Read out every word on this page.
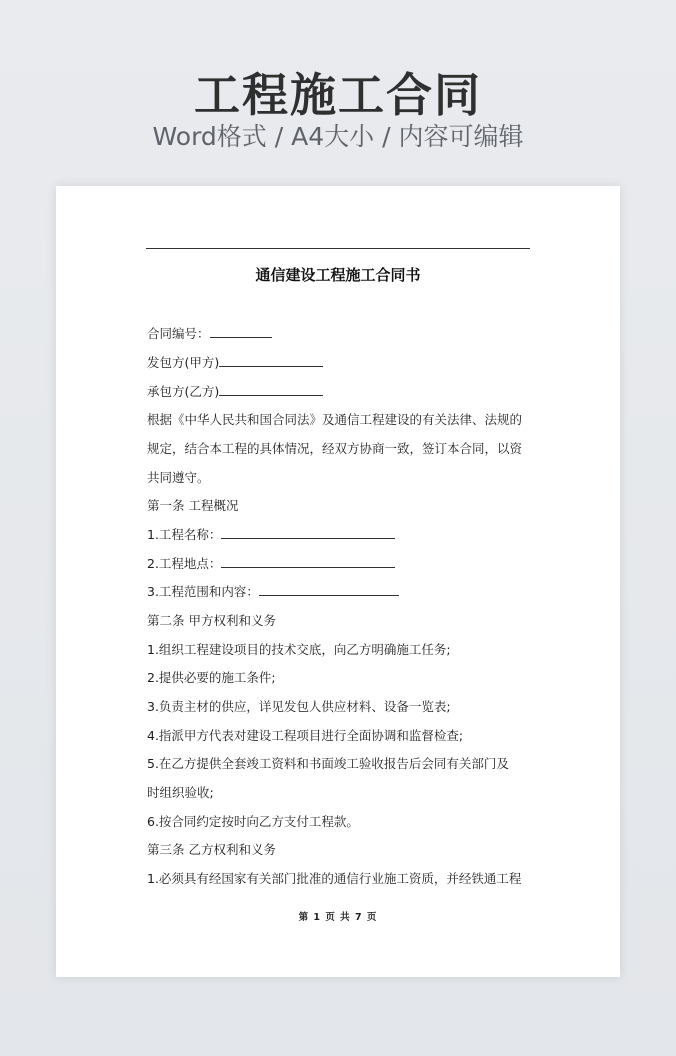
工程施工合同
Word格式 / A4大小 / 内容可编辑
通信建设工程施工合同书
合同编号：
发包方(甲方)
承包方(乙方)
根据《中华人民共和国合同法》及通信工程建设的有关法律、法规的
规定，结合本工程的具体情况，经双方协商一致，签订本合同，以资
共同遵守。
第一条 工程概况
1.工程名称：
2.工程地点：
3.工程范围和内容：
第二条 甲方权利和义务
1.组织工程建设项目的技术交底，向乙方明确施工任务;
2.提供必要的施工条件;
3.负责主材的供应，详见发包人供应材料、设备一览表;
4.指派甲方代表对建设工程项目进行全面协调和监督检查;
5.在乙方提供全套竣工资料和书面竣工验收报告后会同有关部门及
时组织验收;
6.按合同约定按时向乙方支付工程款。
第三条 乙方权利和义务
1.必须具有经国家有关部门批准的通信行业施工资质，并经铁通工程
第 1 页 共 7 页
